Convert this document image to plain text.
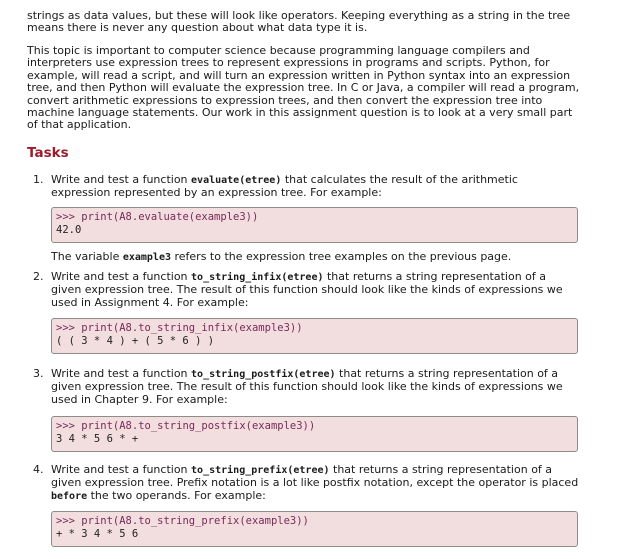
strings as data values, but these will look like operators. Keeping everything as a string in the tree means there is never any question about what data type it is.

This topic is important to computer science because programming language compilers and interpreters use expression trees to represent expressions in programs and scripts. Python, for example, will read a script, and will turn an expression written in Python syntax into an expression tree, and then Python will evaluate the expression tree. In C or Java, a compiler will read a program, convert arithmetic expressions to expression trees, and then convert the expression tree into machine language statements. Our work in this assignment question is to look at a very small part of that application.

Tasks
1. Write and test a function evaluate(etree) that calculates the result of the arithmetic expression represented by an expression tree. For example:

>>> print(A8.evaluate(example3))
42.0

The variable example3 refers to the expression tree examples on the previous page.

2. Write and test a function to_string_infix(etree) that returns a string representation of a given expression tree. The result of this function should look like the kinds of expressions we used in Assignment 4. For example:

>>> print(A8.to_string_infix(example3))
( ( 3 * 4 ) + ( 5 * 6 ) )
3. Write and test a function to_string_postfix(etree) that returns a string representation of a given expression tree. The result of this function should look like the kinds of expressions we used in Chapter 9. For example:

>>> print(A8.to_string_postfix(example3))
3 4 * 5 6 * +
4. Write and test a function to_string_prefix(etree) that returns a string representation of a given expression tree. Prefix notation is a lot like postfix notation, except the operator is placed before the two operands. For example:

>>> print(A8.to_string_prefix(example3))
+ * 3 4 * 5 6
